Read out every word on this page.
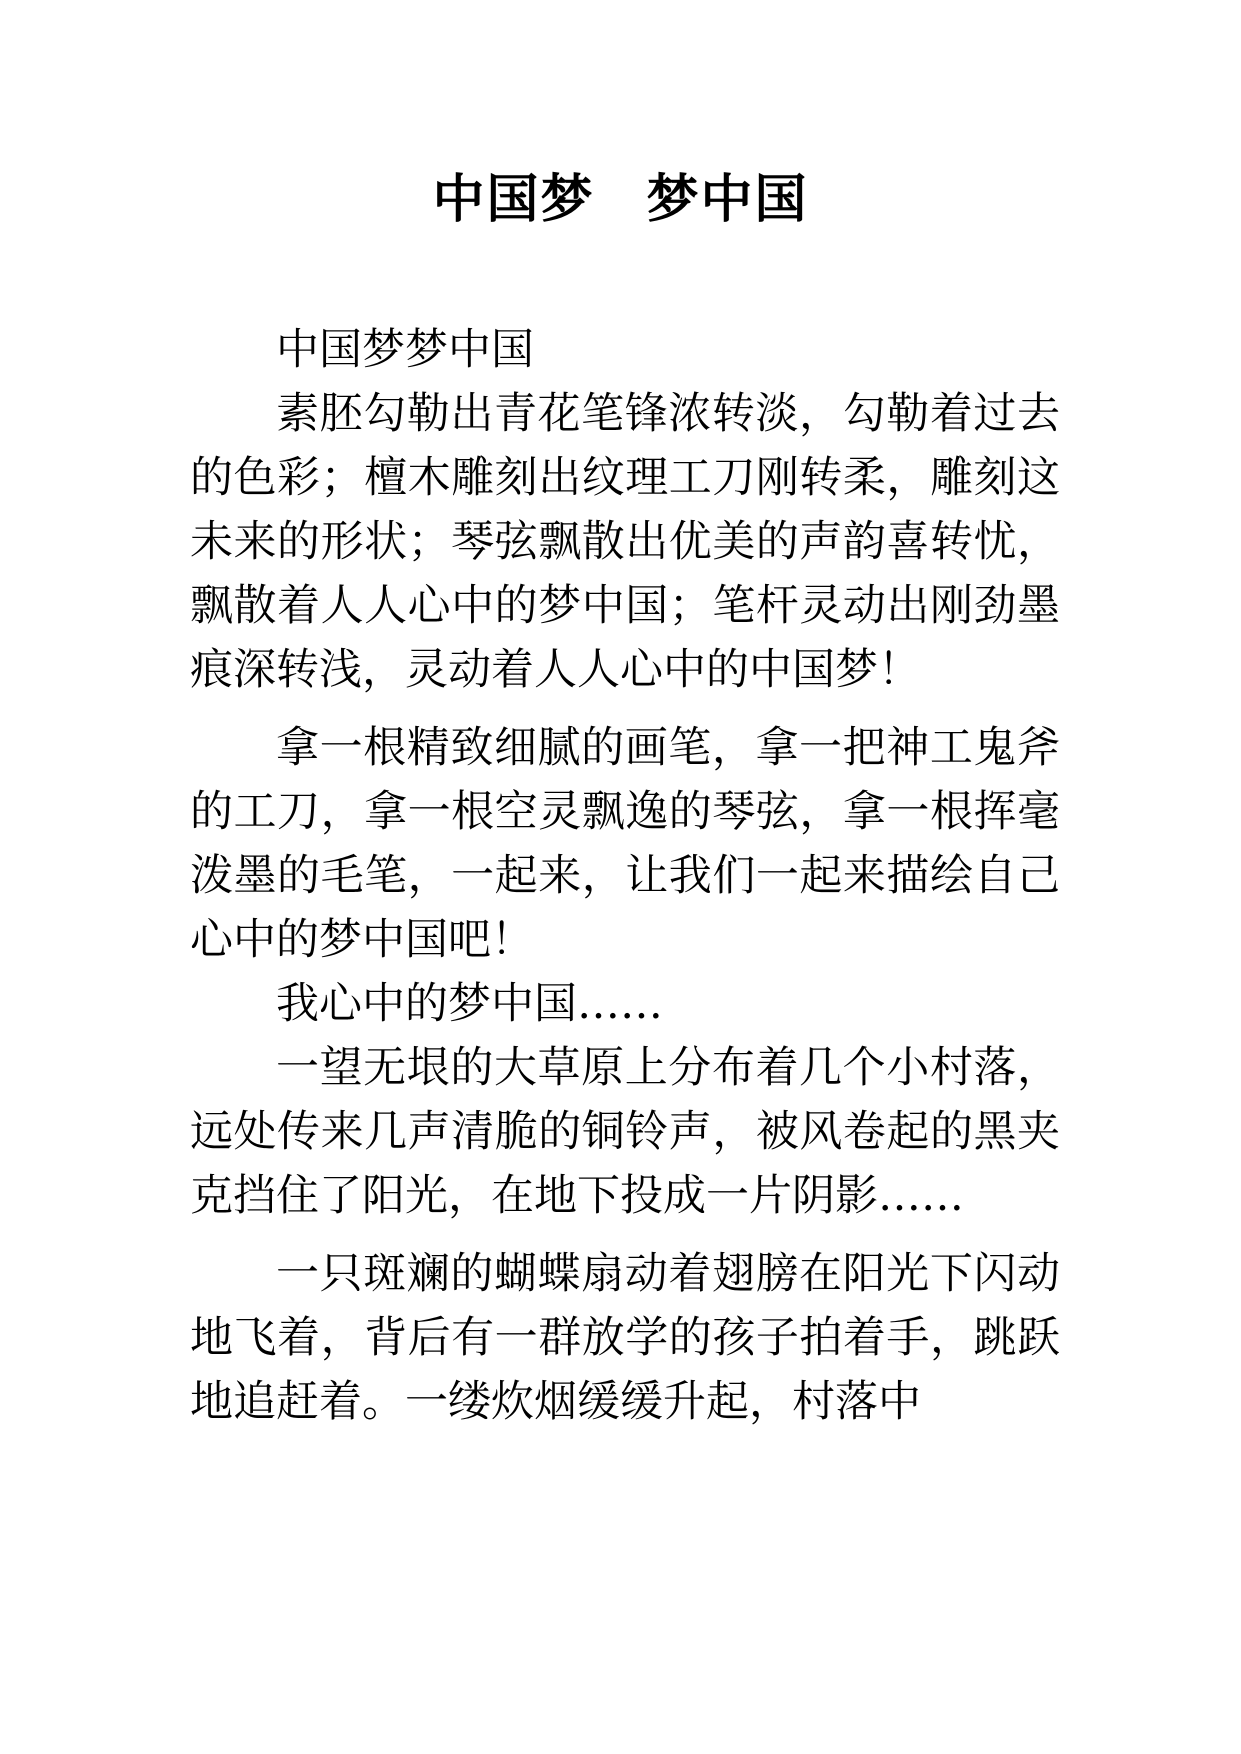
中国梦 梦中国

中国梦梦中国

素胚勾勒出青花笔锋浓转淡，勾勒着过去的色彩；檀木雕刻出纹理工刀刚转柔，雕刻这未来的形状；琴弦飘散出优美的声韵喜转忧，飘散着人人心中的梦中国；笔杆灵动出刚劲墨痕深转浅，灵动着人人心中的中国梦！

拿一根精致细腻的画笔，拿一把神工鬼斧的工刀，拿一根空灵飘逸的琴弦，拿一根挥毫泼墨的毛笔，一起来，让我们一起来描绘自己心中的梦中国吧！

我心中的梦中国……

一望无垠的大草原上分布着几个小村落，远处传来几声清脆的铜铃声，被风卷起的黑夹克挡住了阳光，在地下投成一片阴影……

一只斑斓的蝴蝶扇动着翅膀在阳光下闪动地飞着，背后有一群放学的孩子拍着手，跳跃地追赶着。一缕炊烟缓缓升起，村落中
